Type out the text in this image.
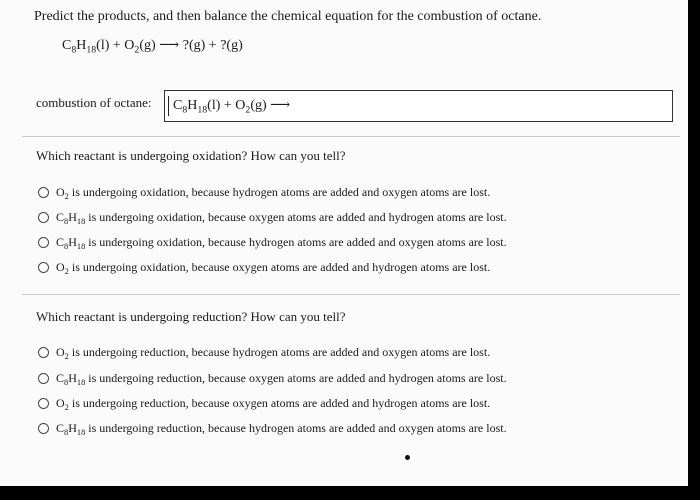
Predict the products, and then balance the chemical equation for the combustion of octane.
$C_8H_{18}(l) + O_2(g)$ ⟶ ?(g) + ?(g)
combustion of octane: $C_8H_{18}(l) + O_2(g)$ ⟶
Which reactant is undergoing oxidation? How can you tell?
$O_2$ is undergoing oxidation, because hydrogen atoms are added and oxygen atoms are lost.
$C_8H_{18}$ is undergoing oxidation, because oxygen atoms are added and hydrogen atoms are lost.
$C_8H_{18}$ is undergoing oxidation, because hydrogen atoms are added and oxygen atoms are lost.
$O_2$ is undergoing oxidation, because oxygen atoms are added and hydrogen atoms are lost.
Which reactant is undergoing reduction? How can you tell?
$O_2$ is undergoing reduction, because hydrogen atoms are added and oxygen atoms are lost.
$C_8H_{18}$ is undergoing reduction, because oxygen atoms are added and hydrogen atoms are lost.
$O_2$ is undergoing reduction, because oxygen atoms are added and hydrogen atoms are lost.
$C_8H_{18}$ is undergoing reduction, because hydrogen atoms are added and oxygen atoms are lost.
